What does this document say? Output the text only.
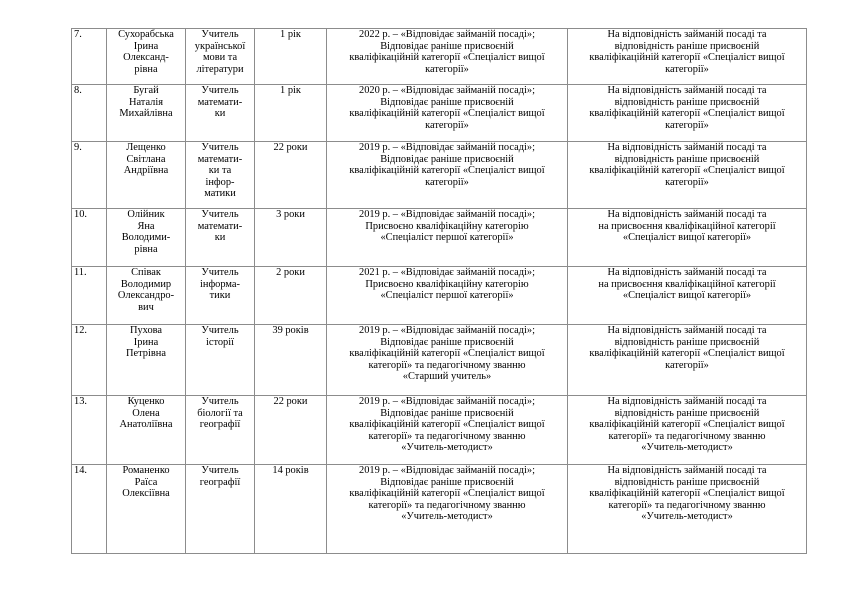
7.	Сухорабська
Ірина
Олександ-
рівна	Учитель
української
мови та
літератури	1 рік	2022 р. – «Відповідає займаній посаді»;
Відповідає раніше присвоєній
кваліфікаційній категорії «Спеціаліст вищої
категорії»	На відповідність займаній посаді та
відповідність раніше присвоєній
кваліфікаційній категорії «Спеціаліст вищої
категорії»

8.	Бугай
Наталія
Михайлівна	Учитель
математи-
ки	1 рік	2020 р. – «Відповідає займаній посаді»;
Відповідає раніше присвоєній
кваліфікаційній категорії «Спеціаліст вищої
категорії»	На відповідність займаній посаді та
відповідність раніше присвоєній
кваліфікаційній категорії «Спеціаліст вищої
категорії»

9.	Лещенко
Світлана
Андріївна	Учитель
математи-
ки та
інфор-
матики	22 роки	2019 р. – «Відповідає займаній посаді»;
Відповідає раніше присвоєній
кваліфікаційній категорії «Спеціаліст вищої
категорії»	На відповідність займаній посаді та
відповідність раніше присвоєній
кваліфікаційній категорії «Спеціаліст вищої
категорії»

10.	Олійник
Яна
Володими-
рівна	Учитель
математи-
ки	3 роки	2019 р. – «Відповідає займаній посаді»;
Присвоєно кваліфікаційну категорію
«Спеціаліст першої категорії»	На відповідність займаній посаді та
на присвоєння кваліфікаційної категорії
«Спеціаліст вищої категорії»

11.	Співак
Володимир
Олександро-
вич	Учитель
інформа-
тики	2 роки	2021 р. – «Відповідає займаній посаді»;
Присвоєно кваліфікаційну категорію
«Спеціаліст першої категорії»	На відповідність займаній посаді та
на присвоєння кваліфікаційної категорії
«Спеціаліст вищої категорії»

12.	Пухова
Ірина
Петрівна	Учитель
історії	39 років	2019 р. – «Відповідає займаній посаді»;
Відповідає раніше присвоєній
кваліфікаційній категорії «Спеціаліст вищої
категорії» та педагогічному званню
«Старший учитель»	На відповідність займаній посаді та
відповідність раніше присвоєній
кваліфікаційній категорії «Спеціаліст вищої
категорії»

13.	Куценко
Олена
Анатоліївна	Учитель
біології та
географії	22 роки	2019 р. – «Відповідає займаній посаді»;
Відповідає раніше присвоєній
кваліфікаційній категорії «Спеціаліст вищої
категорії» та педагогічному званню
«Учитель-методист»	На відповідність займаній посаді та
відповідність раніше присвоєній
кваліфікаційній категорії «Спеціаліст вищої
категорії» та педагогічному званню
«Учитель-методист»

14.	Романенко
Раїса
Олексіївна	Учитель
географії	14 років	2019 р. – «Відповідає займаній посаді»;
Відповідає раніше присвоєній
кваліфікаційній категорії «Спеціаліст вищої
категорії» та педагогічному званню
«Учитель-методист»	На відповідність займаній посаді та
відповідність раніше присвоєній
кваліфікаційній категорії «Спеціаліст вищої
категорії» та педагогічному званню
«Учитель-методист»
